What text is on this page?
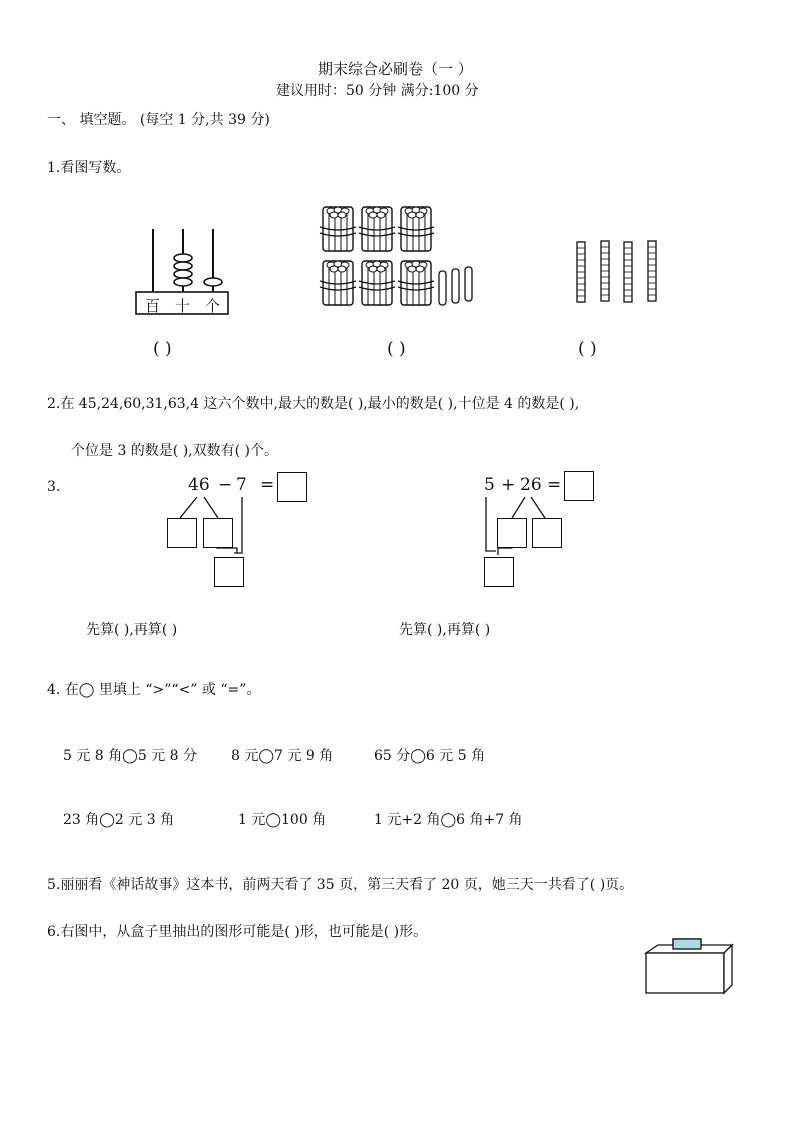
期末综合必刷卷（一 ）
建议用时：50 分钟 满分:100 分
一、 填空题。 (每空 1 分,共 39 分)
1.看图写数。
百 十 个
( )	( )	( )
2.在 45,24,60,31,63,4 这六个数中,最大的数是( ),最小的数是( ),十位是 4 的数是( ),
个位是 3 的数是( ),双数有( )个。
3.	46 − 7 =	5 + 26 =
先算( ),再算( )	先算( ),再算( )
4. 在◯ 里填上 “>”“<” 或 “=”。
5 元 8 角◯5 元 8 分 8 元◯7 元 9 角	65 分◯6 元 5 角
23 角◯2 元 3 角	1 元◯100 角	1 元+2 角◯6 角+7 角
5.丽丽看《神话故事》这本书，前两天看了 35 页，第三天看了 20 页，她三天一共看了( )页。
6.右图中，从盒子里抽出的图形可能是( )形，也可能是( )形。
